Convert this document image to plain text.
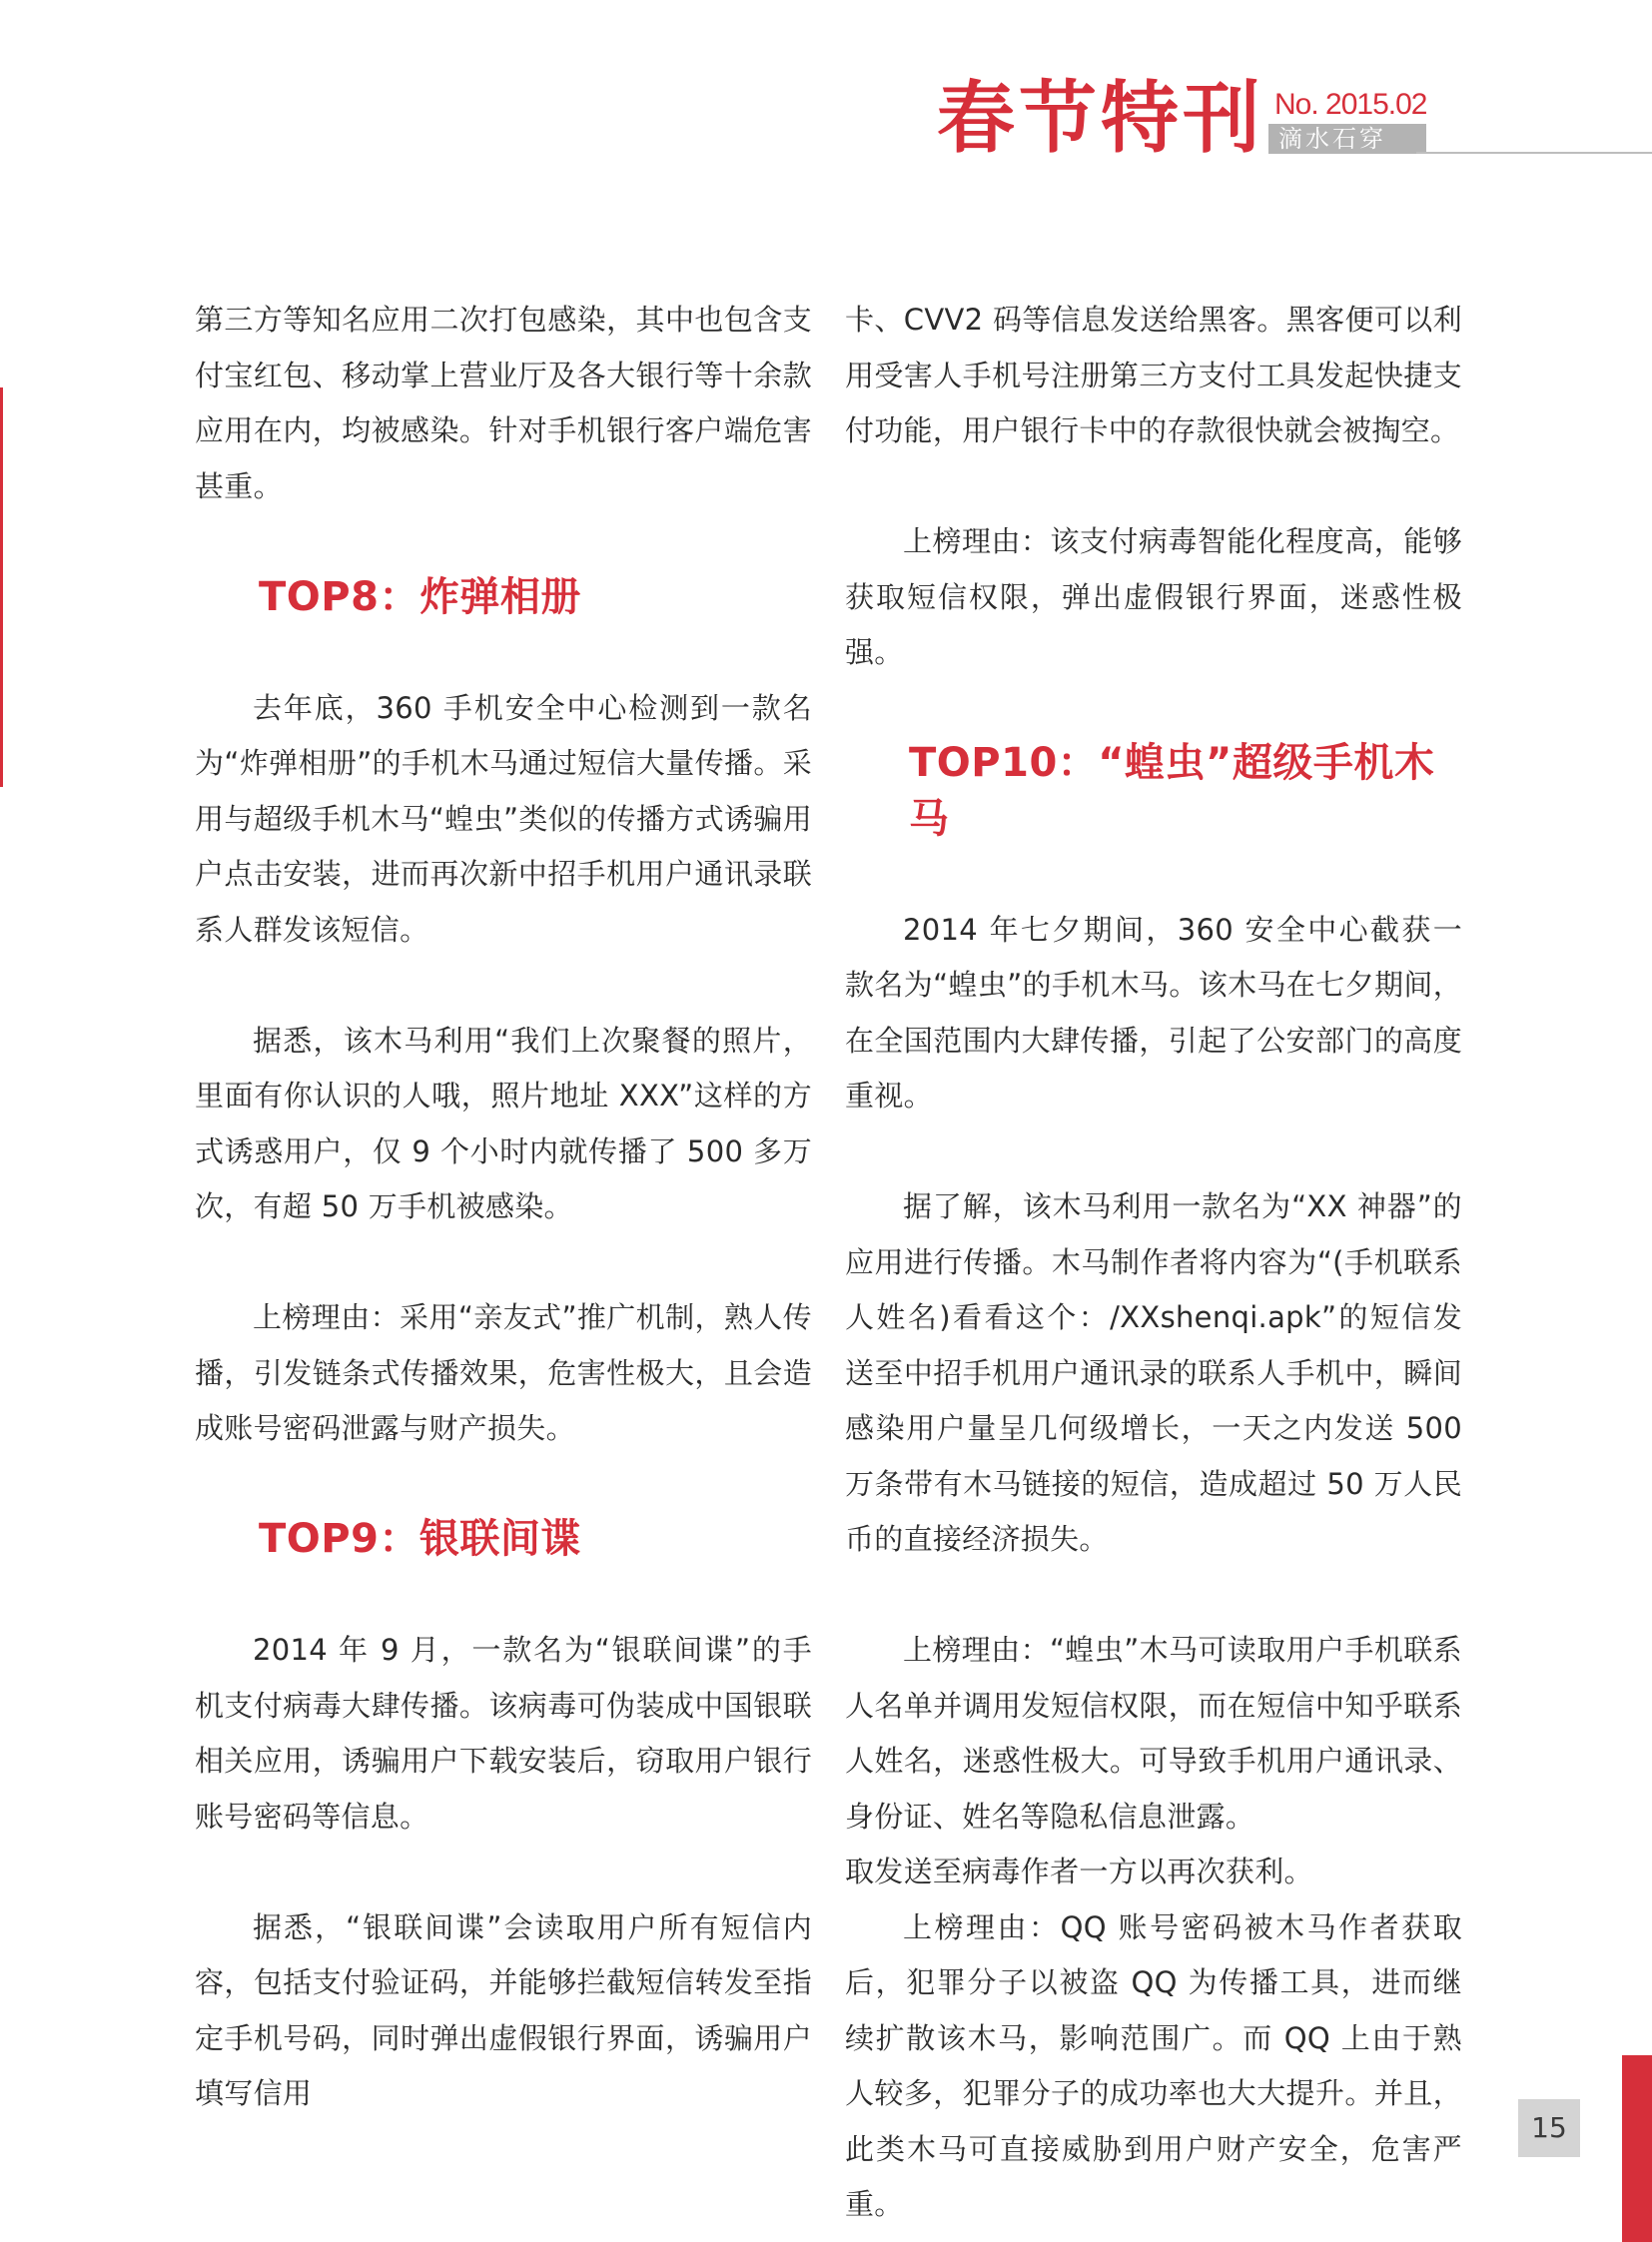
春节特刊 No. 2015.02
滴水石穿

第三方等知名应用二次打包感染，其中也包含支付宝红包、移动掌上营业厅及各大银行等十余款应用在内，均被感染。针对手机银行客户端危害甚重。

TOP8：炸弹相册

去年底，360 手机安全中心检测到一款名为“炸弹相册”的手机木马通过短信大量传播。采用与超级手机木马“蝗虫”类似的传播方式诱骗用户点击安装，进而再次新中招手机用户通讯录联系人群发该短信。

据悉，该木马利用“我们上次聚餐的照片，里面有你认识的人哦，照片地址 XXX”这样的方式诱惑用户，仅 9 个小时内就传播了 500 多万次，有超 50 万手机被感染。

上榜理由：采用“亲友式”推广机制，熟人传播，引发链条式传播效果，危害性极大，且会造成账号密码泄露与财产损失。

TOP9：银联间谍

2014 年 9 月，一款名为“银联间谍”的手机支付病毒大肆传播。该病毒可伪装成中国银联相关应用，诱骗用户下载安装后，窃取用户银行账号密码等信息。

据悉，“银联间谍”会读取用户所有短信内容，包括支付验证码，并能够拦截短信转发至指定手机号码，同时弹出虚假银行界面，诱骗用户填写信用

卡、CVV2 码等信息发送给黑客。黑客便可以利用受害人手机号注册第三方支付工具发起快捷支付功能，用户银行卡中的存款很快就会被掏空。

上榜理由：该支付病毒智能化程度高，能够获取短信权限，弹出虚假银行界面，迷惑性极强。

TOP10：“蝗虫”超级手机木马

2014 年七夕期间，360 安全中心截获一款名为“蝗虫”的手机木马。该木马在七夕期间，在全国范围内大肆传播，引起了公安部门的高度重视。

据了解，该木马利用一款名为“XX 神器”的应用进行传播。木马制作者将内容为“(手机联系人姓名)看看这个：/XXshenqi.apk”的短信发送至中招手机用户通讯录的联系人手机中，瞬间感染用户量呈几何级增长，一天之内发送 500 万条带有木马链接的短信，造成超过 50 万人民币的直接经济损失。

上榜理由：“蝗虫”木马可读取用户手机联系人名单并调用发短信权限，而在短信中知乎联系人姓名，迷惑性极大。可导致手机用户通讯录、身份证、姓名等隐私信息泄露。

取发送至病毒作者一方以再次获利。

上榜理由：QQ 账号密码被木马作者获取后，犯罪分子以被盗 QQ 为传播工具，进而继续扩散该木马，影响范围广。而 QQ 上由于熟人较多，犯罪分子的成功率也大大提升。并且，此类木马可直接威胁到用户财产安全，危害严重。

15
